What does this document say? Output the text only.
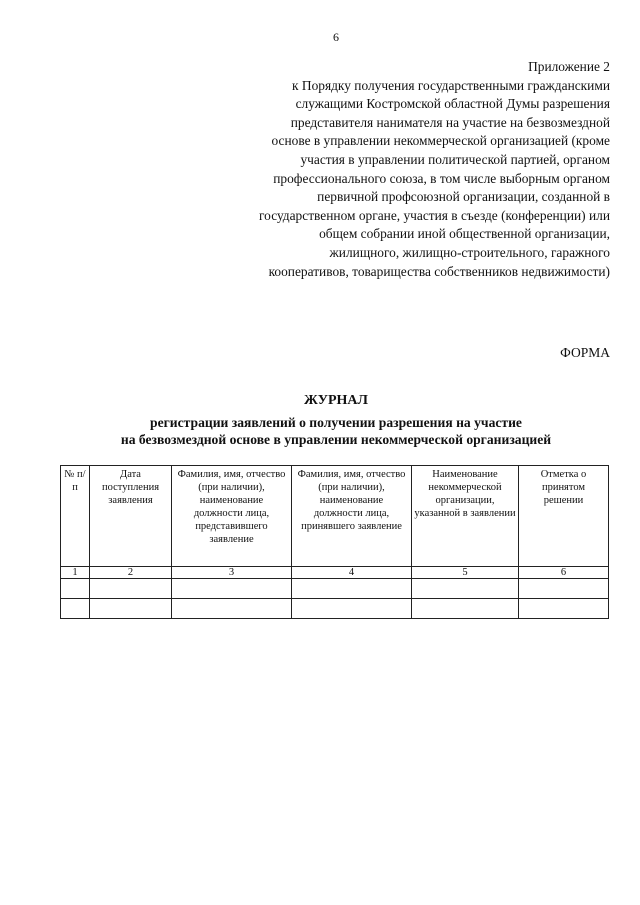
6
Приложение 2
к Порядку получения государственными гражданскими служащими Костромской областной Думы разрешения представителя нанимателя на участие на безвозмездной основе в управлении некоммерческой организацией (кроме участия в управлении политической партией, органом профессионального союза, в том числе выборным органом первичной профсоюзной организации, созданной в государственном органе, участия в съезде (конференции) или общем собрании иной общественной организации, жилищного, жилищно-строительного, гаражного кооперативов, товарищества собственников недвижимости)
ФОРМА
ЖУРНАЛ
регистрации заявлений о получении разрешения на участие
на безвозмездной основе в управлении некоммерческой организацией
№ п/п	Дата поступления заявления	Фамилия, имя, отчество (при наличии), наименование должности лица, представившего заявление	Фамилия, имя, отчество (при наличии), наименование должности лица, принявшего заявление	Наименование некоммерческой организации, указанной в заявлении	Отметка о принятом решении
1	2	3	4	5	6
